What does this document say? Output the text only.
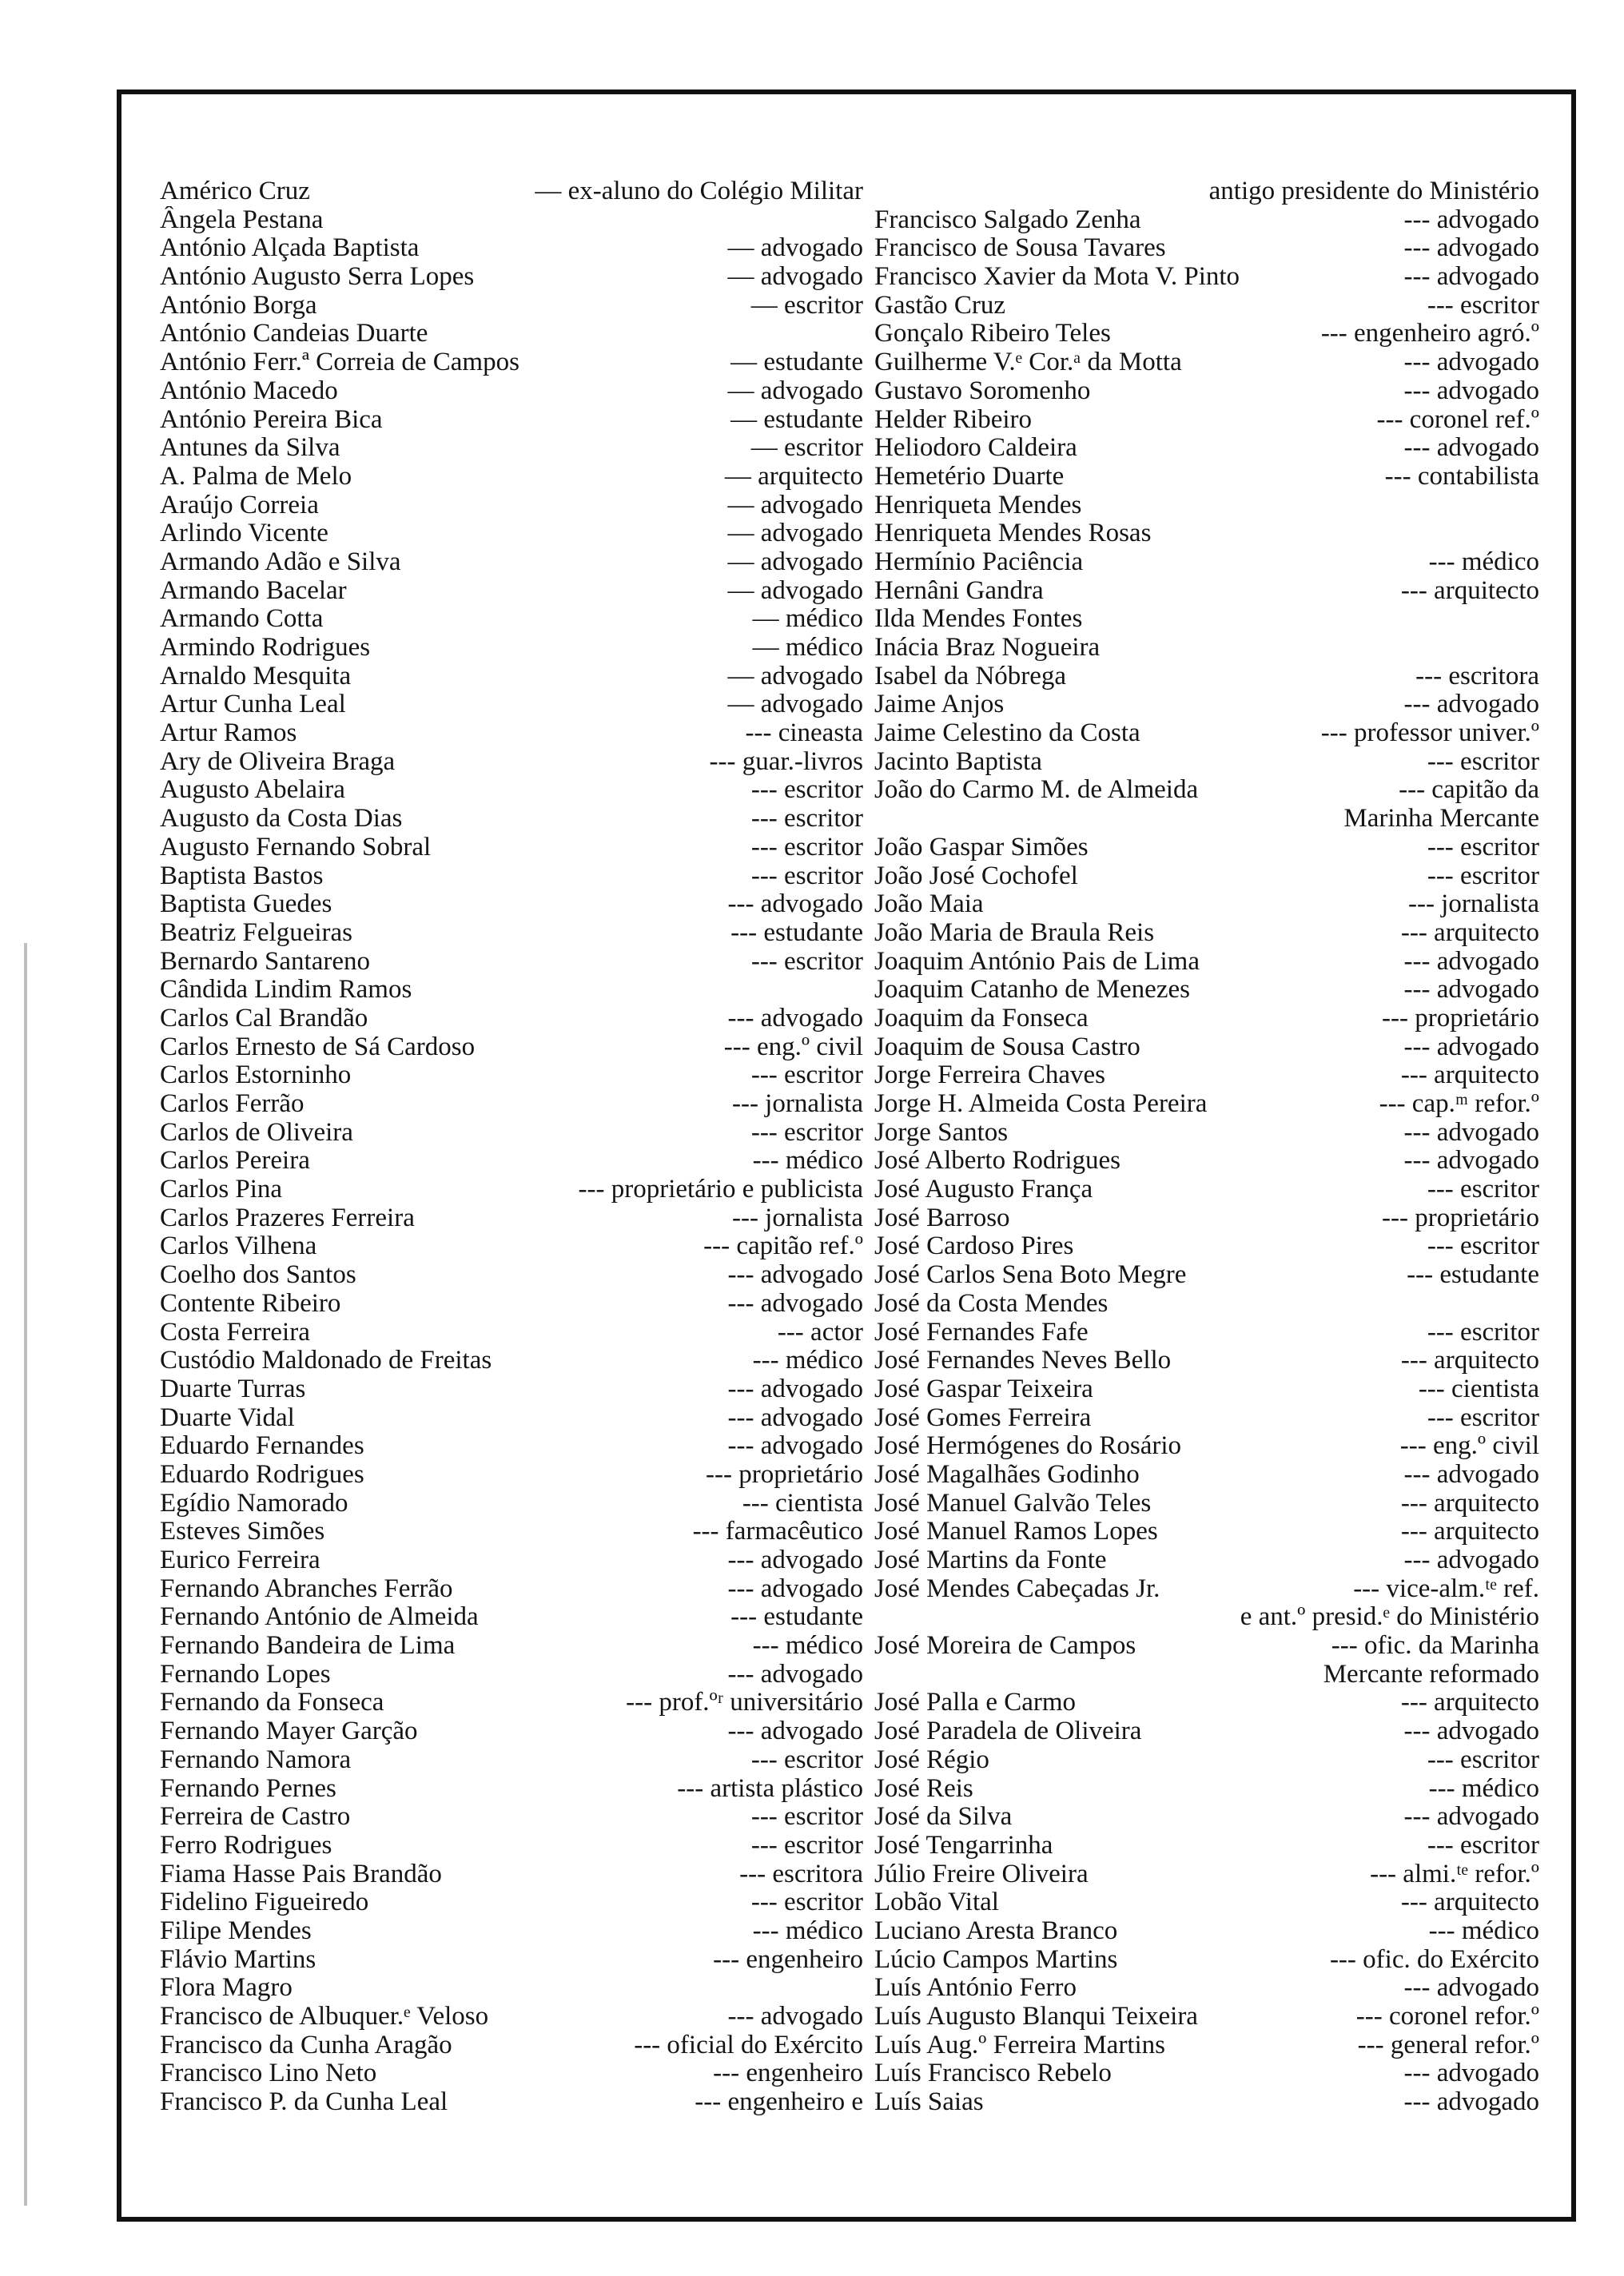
Américo Cruz	— ex-aluno do Colégio Militar
Ângela Pestana
António Alçada Baptista	— advogado
António Augusto Serra Lopes	— advogado
António Borga	— escritor
António Candeias Duarte
António Ferr.ª Correia de Campos	— estudante
António Macedo	— advogado
António Pereira Bica	— estudante
Antunes da Silva	— escritor
A. Palma de Melo	— arquitecto
Araújo Correia	— advogado
Arlindo Vicente	— advogado
Armando Adão e Silva	— advogado
Armando Bacelar	— advogado
Armando Cotta	— médico
Armindo Rodrigues	— médico
Arnaldo Mesquita	— advogado
Artur Cunha Leal	— advogado
Artur Ramos	--- cineasta
Ary de Oliveira Braga	--- guar.-livros
Augusto Abelaira	--- escritor
Augusto da Costa Dias	--- escritor
Augusto Fernando Sobral	--- escritor
Baptista Bastos	--- escritor
Baptista Guedes	--- advogado
Beatriz Felgueiras	--- estudante
Bernardo Santareno	--- escritor
Cândida Lindim Ramos
Carlos Cal Brandão	--- advogado
Carlos Ernesto de Sá Cardoso	--- eng.º civil
Carlos Estorninho	--- escritor
Carlos Ferrão	--- jornalista
Carlos de Oliveira	--- escritor
Carlos Pereira	--- médico
Carlos Pina	--- proprietário e publicista
Carlos Prazeres Ferreira	--- jornalista
Carlos Vilhena	--- capitão ref.º
Coelho dos Santos	--- advogado
Contente Ribeiro	--- advogado
Costa Ferreira	--- actor
Custódio Maldonado de Freitas	--- médico
Duarte Turras	--- advogado
Duarte Vidal	--- advogado
Eduardo Fernandes	--- advogado
Eduardo Rodrigues	--- proprietário
Egídio Namorado	--- cientista
Esteves Simões	--- farmacêutico
Eurico Ferreira	--- advogado
Fernando Abranches Ferrão	--- advogado
Fernando António de Almeida	--- estudante
Fernando Bandeira de Lima	--- médico
Fernando Lopes	--- advogado
Fernando da Fonseca	--- prof.ºʳ universitário
Fernando Mayer Garção	--- advogado
Fernando Namora	--- escritor
Fernando Pernes	--- artista plástico
Ferreira de Castro	--- escritor
Ferro Rodrigues	--- escritor
Fiama Hasse Pais Brandão	--- escritora
Fidelino Figueiredo	--- escritor
Filipe Mendes	--- médico
Flávio Martins	--- engenheiro
Flora Magro
Francisco de Albuquer.ᵉ Veloso	--- advogado
Francisco da Cunha Aragão	--- oficial do Exército
Francisco Lino Neto	--- engenheiro
Francisco P. da Cunha Leal	--- engenheiro e
antigo presidente do Ministério
Francisco Salgado Zenha	--- advogado
Francisco de Sousa Tavares	--- advogado
Francisco Xavier da Mota V. Pinto	--- advogado
Gastão Cruz	--- escritor
Gonçalo Ribeiro Teles	--- engenheiro agró.º
Guilherme V.ᵉ Cor.ᵃ da Motta	--- advogado
Gustavo Soromenho	--- advogado
Helder Ribeiro	--- coronel ref.º
Heliodoro Caldeira	--- advogado
Hemetério Duarte	--- contabilista
Henriqueta Mendes
Henriqueta Mendes Rosas
Hermínio Paciência	--- médico
Hernâni Gandra	--- arquitecto
Ilda Mendes Fontes
Inácia Braz Nogueira
Isabel da Nóbrega	--- escritora
Jaime Anjos	--- advogado
Jaime Celestino da Costa	--- professor univer.º
Jacinto Baptista	--- escritor
João do Carmo M. de Almeida	--- capitão da
Marinha Mercante
João Gaspar Simões	--- escritor
João José Cochofel	--- escritor
João Maia	--- jornalista
João Maria de Braula Reis	--- arquitecto
Joaquim António Pais de Lima	--- advogado
Joaquim Catanho de Menezes	--- advogado
Joaquim da Fonseca	--- proprietário
Joaquim de Sousa Castro	--- advogado
Jorge Ferreira Chaves	--- arquitecto
Jorge H. Almeida Costa Pereira	--- cap.ᵐ refor.º
Jorge Santos	--- advogado
José Alberto Rodrigues	--- advogado
José Augusto França	--- escritor
José Barroso	--- proprietário
José Cardoso Pires	--- escritor
José Carlos Sena Boto Megre	--- estudante
José da Costa Mendes
José Fernandes Fafe	--- escritor
José Fernandes Neves Bello	--- arquitecto
José Gaspar Teixeira	--- cientista
José Gomes Ferreira	--- escritor
José Hermógenes do Rosário	--- eng.º civil
José Magalhães Godinho	--- advogado
José Manuel Galvão Teles	--- arquitecto
José Manuel Ramos Lopes	--- arquitecto
José Martins da Fonte	--- advogado
José Mendes Cabeçadas Jr.	--- vice-alm.ᵗᵉ ref.
e ant.º presid.ᵉ do Ministério
José Moreira de Campos	--- ofic. da Marinha
Mercante reformado
José Palla e Carmo	--- arquitecto
José Paradela de Oliveira	--- advogado
José Régio	--- escritor
José Reis	--- médico
José da Silva	--- advogado
José Tengarrinha	--- escritor
Júlio Freire Oliveira	--- almi.ᵗᵉ refor.º
Lobão Vital	--- arquitecto
Luciano Aresta Branco	--- médico
Lúcio Campos Martins	--- ofic. do Exército
Luís António Ferro	--- advogado
Luís Augusto Blanqui Teixeira	--- coronel refor.º
Luís Aug.º Ferreira Martins	--- general refor.º
Luís Francisco Rebelo	--- advogado
Luís Saias	--- advogado
